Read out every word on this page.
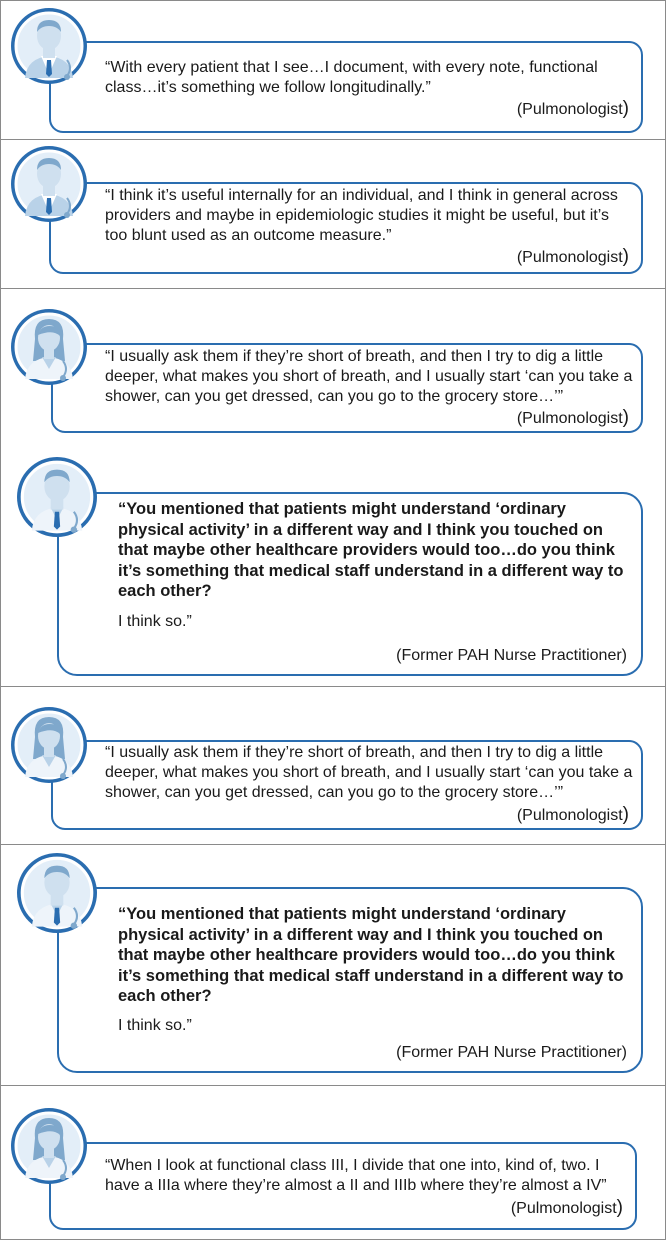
“With every patient that I see…I document, with every note, functional class…it’s something we follow longitudinally.”
(Pulmonologist)
“I think it’s useful internally for an individual, and I think in general across providers and maybe in epidemiologic studies it might be useful, but it’s too blunt used as an outcome measure.”
(Pulmonologist)
“I usually ask them if they’re short of breath, and then I try to dig a little deeper, what makes you short of breath, and I usually start ‘can you take a shower, can you get dressed, can you go to the grocery store…’”
(Pulmonologist)
“You mentioned that patients might understand ‘ordinary physical activity’ in a different way and I think you touched on that maybe other healthcare providers would too…do you think it’s something that medical staff understand in a different way to each other?
I think so.”
(Former PAH Nurse Practitioner)
“I usually ask them if they’re short of breath, and then I try to dig a little deeper, what makes you short of breath, and I usually start ‘can you take a shower, can you get dressed, can you go to the grocery store…’”
(Pulmonologist)
“You mentioned that patients might understand ‘ordinary physical activity’ in a different way and I think you touched on that maybe other healthcare providers would too…do you think it’s something that medical staff understand in a different way to each other?
I think so.”
(Former PAH Nurse Practitioner)
“When I look at functional class III, I divide that one into, kind of, two. I have a IIIa where they’re almost a II and IIIb where they’re almost a IV”
(Pulmonologist)
